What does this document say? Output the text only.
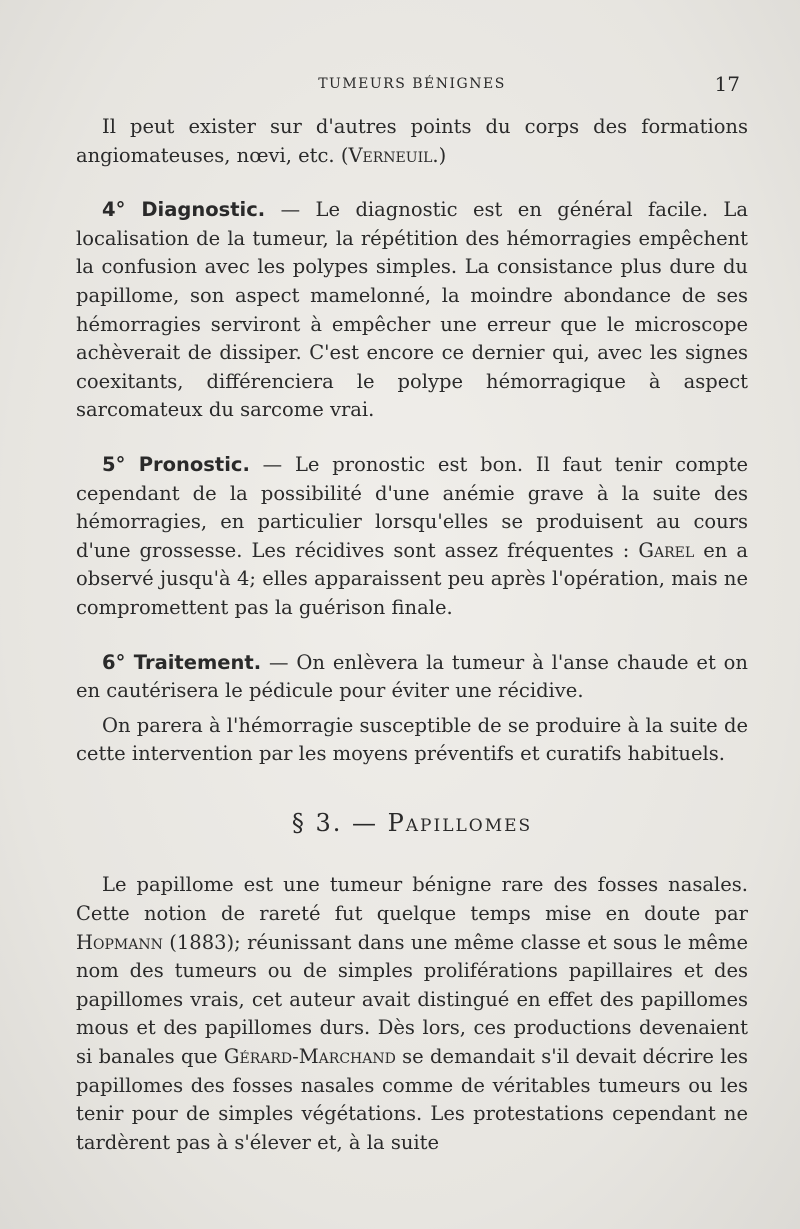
TUMEURS BÉNIGNES	17

Il peut exister sur d'autres points du corps des formations angiomateuses, nœvi, etc. (Verneuil.)

4° Diagnostic. — Le diagnostic est en général facile. La localisation de la tumeur, la répétition des hémorragies empêchent la confusion avec les polypes simples. La consistance plus dure du papillome, son aspect mamelonné, la moindre abondance de ses hémorragies serviront à empêcher une erreur que le microscope achèverait de dissiper. C'est encore ce dernier qui, avec les signes coexitants, différenciera le polype hémorragique à aspect sarcomateux du sarcome vrai.

5° Pronostic. — Le pronostic est bon. Il faut tenir compte cependant de la possibilité d'une anémie grave à la suite des hémorragies, en particulier lorsqu'elles se produisent au cours d'une grossesse. Les récidives sont assez fréquentes : Garel en a observé jusqu'à 4; elles apparaissent peu après l'opération, mais ne compromettent pas la guérison finale.

6° Traitement. — On enlèvera la tumeur à l'anse chaude et on en cautérisera le pédicule pour éviter une récidive.

On parera à l'hémorragie susceptible de se produire à la suite de cette intervention par les moyens préventifs et curatifs habituels.

§ 3. — Papillomes

Le papillome est une tumeur bénigne rare des fosses nasales. Cette notion de rareté fut quelque temps mise en doute par Hopmann (1883); réunissant dans une même classe et sous le même nom des tumeurs ou de simples proliférations papillaires et des papillomes vrais, cet auteur avait distingué en effet des papillomes mous et des papillomes durs. Dès lors, ces productions devenaient si banales que Gérard-Marchand se demandait s'il devait décrire les papillomes des fosses nasales comme de véritables tumeurs ou les tenir pour de simples végétations. Les protestations cependant ne tardèrent pas à s'élever et, à la suite
